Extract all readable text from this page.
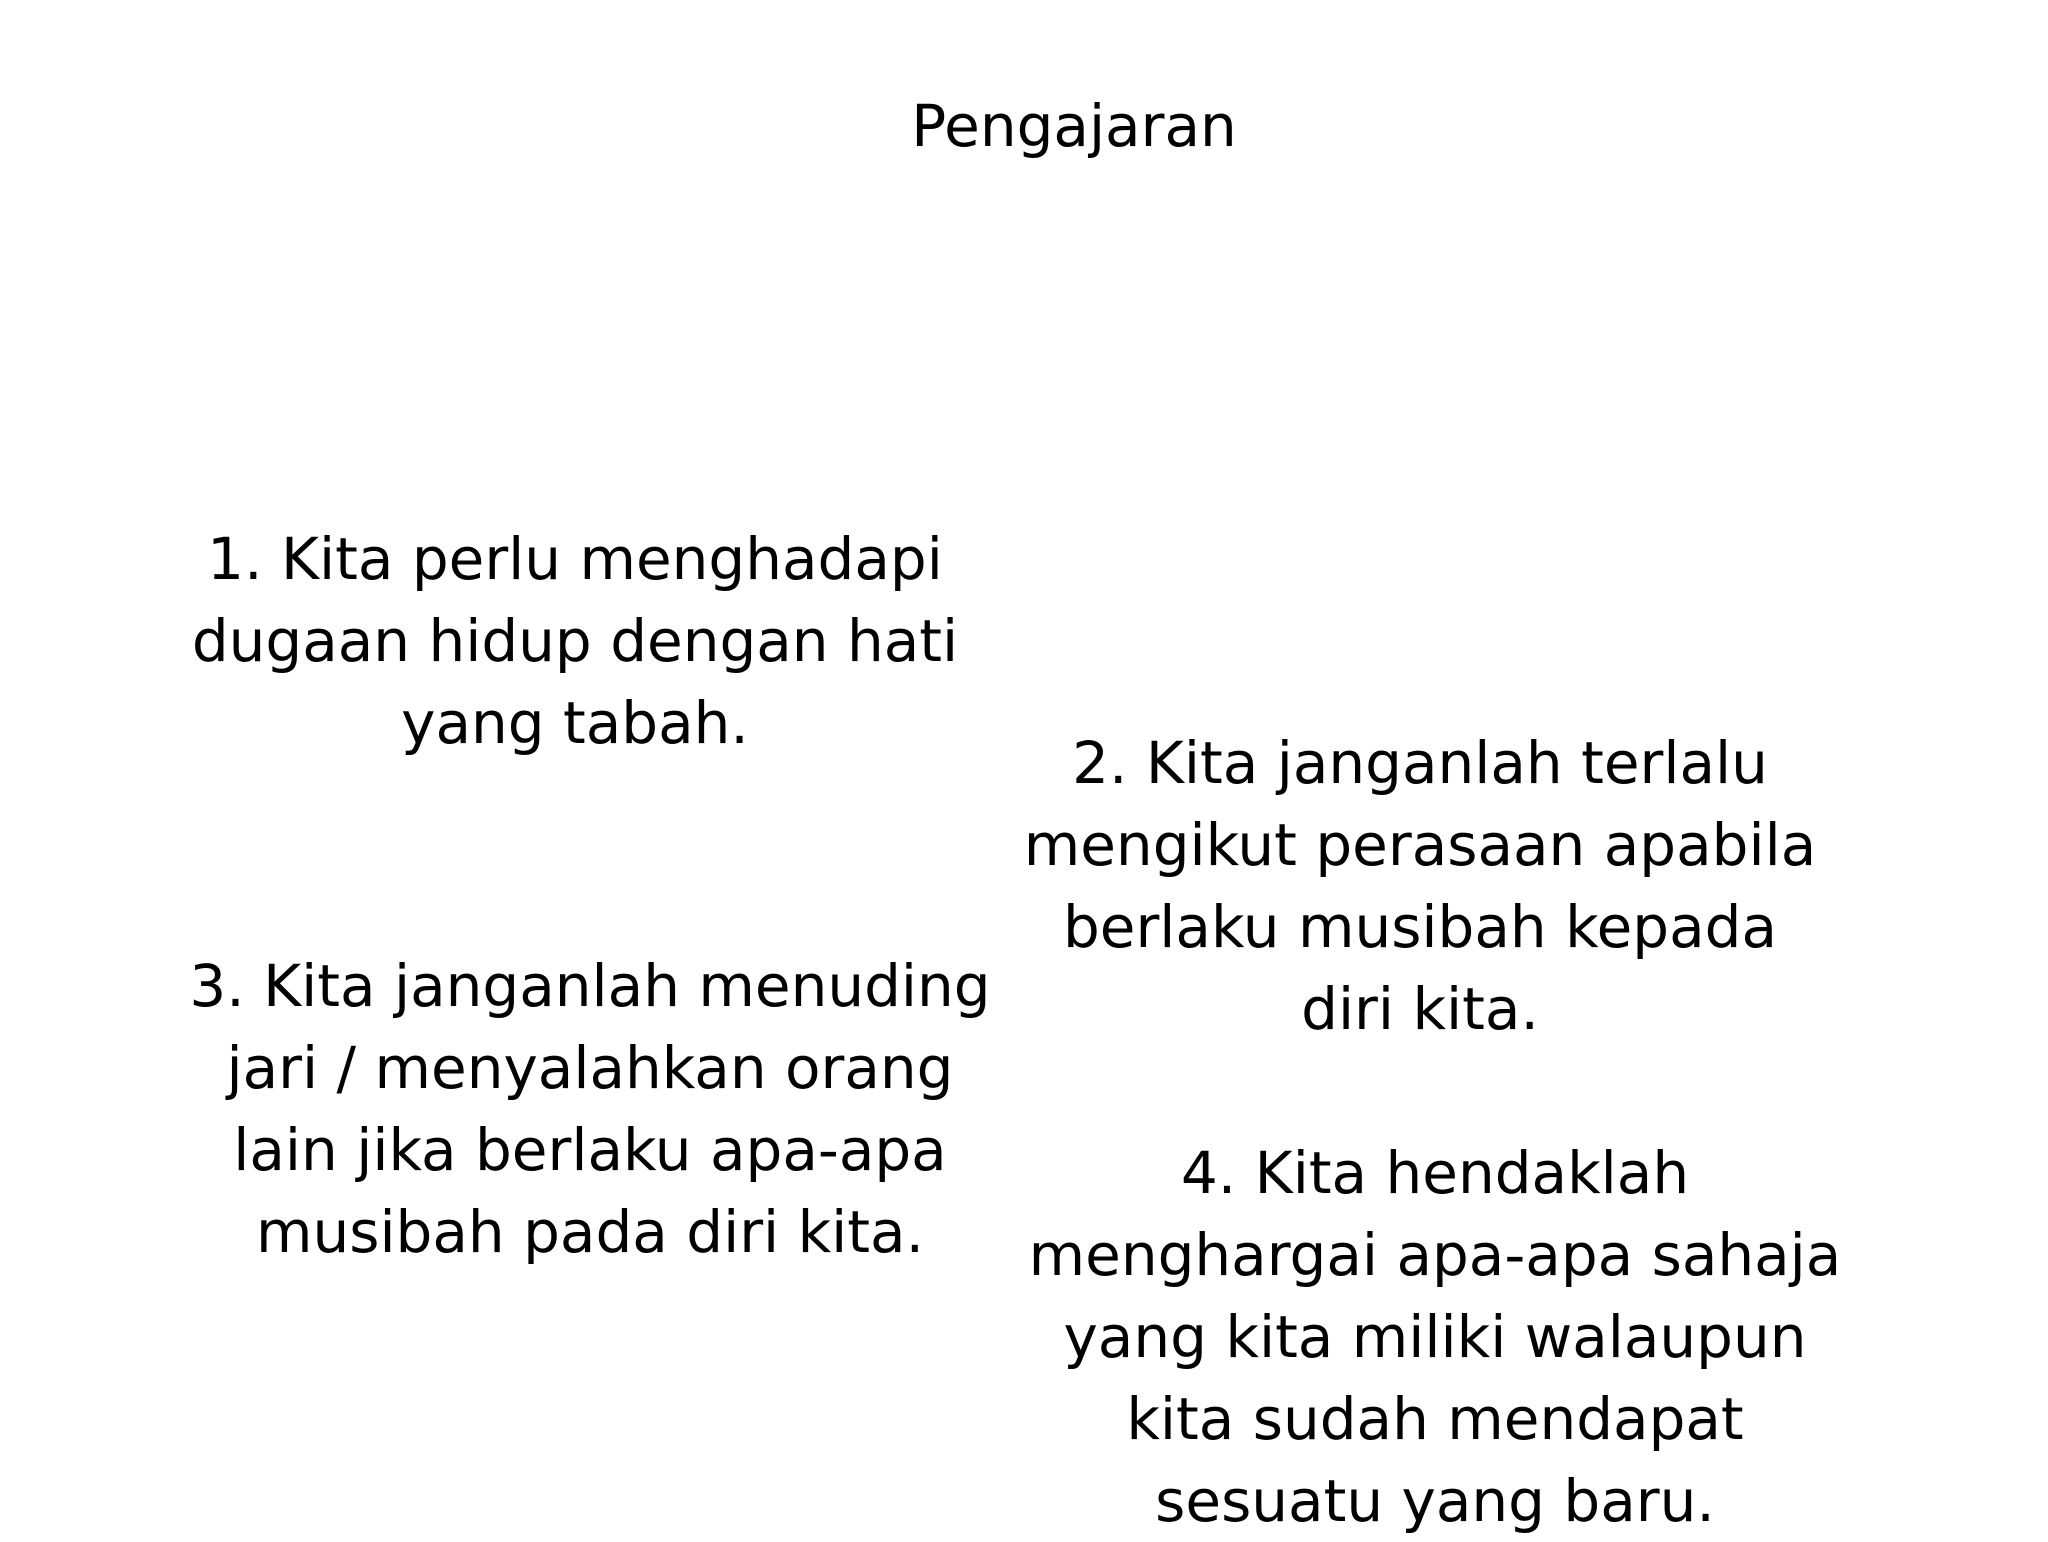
Pengajaran

1. Kita perlu menghadapi
dugaan hidup dengan hati
yang tabah.

2. Kita janganlah terlalu
mengikut perasaan apabila
berlaku musibah kepada
diri kita.

3. Kita janganlah menuding
jari / menyalahkan orang
lain jika berlaku apa-apa
musibah pada diri kita.

4. Kita hendaklah
menghargai apa-apa sahaja
yang kita miliki walaupun
kita sudah mendapat
sesuatu yang baru.
